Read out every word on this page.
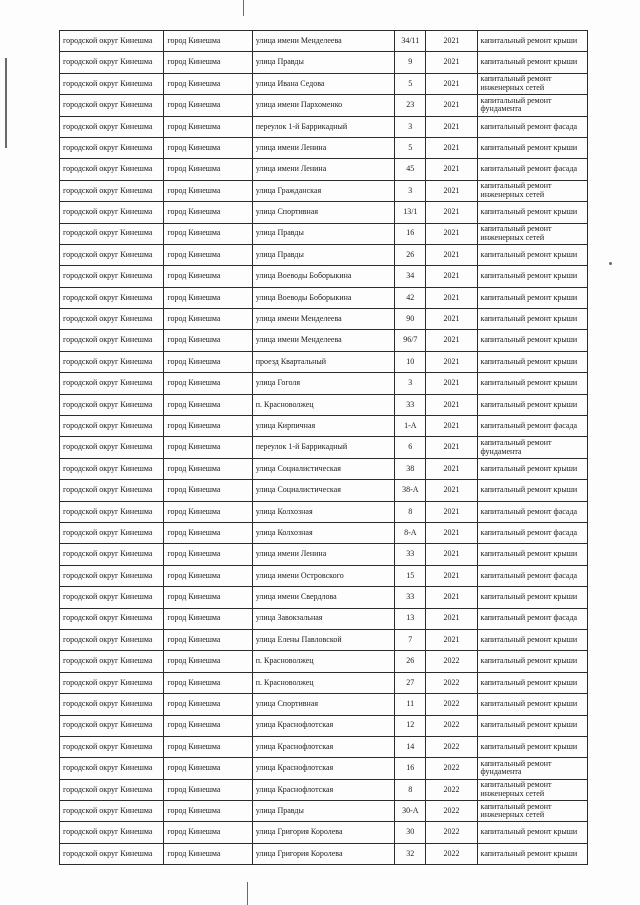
городской округ Кинешма	город Кинешма	улица имени Менделеева	34/11	2021	капитальный ремонт крыши
городской округ Кинешма	город Кинешма	улица Правды	9	2021	капитальный ремонт крыши
городской округ Кинешма	город Кинешма	улица Ивана Седова	5	2021	капитальный ремонт инженерных сетей
городской округ Кинешма	город Кинешма	улица имени Пархоменко	23	2021	капитальный ремонт фундамента
городской округ Кинешма	город Кинешма	переулок 1-й Баррикадный	3	2021	капитальный ремонт фасада
городской округ Кинешма	город Кинешма	улица имени Ленина	5	2021	капитальный ремонт крыши
городской округ Кинешма	город Кинешма	улица имени Ленина	45	2021	капитальный ремонт фасада
городской округ Кинешма	город Кинешма	улица Гражданская	3	2021	капитальный ремонт инженерных сетей
городской округ Кинешма	город Кинешма	улица Спортивная	13/1	2021	капитальный ремонт крыши
городской округ Кинешма	город Кинешма	улица Правды	16	2021	капитальный ремонт инженерных сетей
городской округ Кинешма	город Кинешма	улица Правды	26	2021	капитальный ремонт крыши
городской округ Кинешма	город Кинешма	улица Воеводы Боборыкина	34	2021	капитальный ремонт крыши
городской округ Кинешма	город Кинешма	улица Воеводы Боборыкина	42	2021	капитальный ремонт крыши
городской округ Кинешма	город Кинешма	улица имени Менделеева	90	2021	капитальный ремонт крыши
городской округ Кинешма	город Кинешма	улица имени Менделеева	96/7	2021	капитальный ремонт крыши
городской округ Кинешма	город Кинешма	проезд Квартальный	10	2021	капитальный ремонт крыши
городской округ Кинешма	город Кинешма	улица Гоголя	3	2021	капитальный ремонт крыши
городской округ Кинешма	город Кинешма	п. Красноволжец	33	2021	капитальный ремонт крыши
городской округ Кинешма	город Кинешма	улица Кирпичная	1-А	2021	капитальный ремонт фасада
городской округ Кинешма	город Кинешма	переулок 1-й Баррикадный	6	2021	капитальный ремонт фундамента
городской округ Кинешма	город Кинешма	улица Социалистическая	38	2021	капитальный ремонт крыши
городской округ Кинешма	город Кинешма	улица Социалистическая	38-А	2021	капитальный ремонт крыши
городской округ Кинешма	город Кинешма	улица Колхозная	8	2021	капитальный ремонт фасада
городской округ Кинешма	город Кинешма	улица Колхозная	8-А	2021	капитальный ремонт фасада
городской округ Кинешма	город Кинешма	улица имени Ленина	33	2021	капитальный ремонт крыши
городской округ Кинешма	город Кинешма	улица имени Островского	15	2021	капитальный ремонт фасада
городской округ Кинешма	город Кинешма	улица имени Свердлова	33	2021	капитальный ремонт крыши
городской округ Кинешма	город Кинешма	улица Завокзальная	13	2021	капитальный ремонт фасада
городской округ Кинешма	город Кинешма	улица Елены Павловской	7	2021	капитальный ремонт крыши
городской округ Кинешма	город Кинешма	п. Красноволжец	26	2022	капитальный ремонт крыши
городской округ Кинешма	город Кинешма	п. Красноволжец	27	2022	капитальный ремонт крыши
городской округ Кинешма	город Кинешма	улица Спортивная	11	2022	капитальный ремонт крыши
городской округ Кинешма	город Кинешма	улица Краснофлотская	12	2022	капитальный ремонт крыши
городской округ Кинешма	город Кинешма	улица Краснофлотская	14	2022	капитальный ремонт крыши
городской округ Кинешма	город Кинешма	улица Краснофлотская	16	2022	капитальный ремонт фундамента
городской округ Кинешма	город Кинешма	улица Краснофлотская	8	2022	капитальный ремонт инженерных сетей
городской округ Кинешма	город Кинешма	улица Правды	30-А	2022	капитальный ремонт инженерных сетей
городской округ Кинешма	город Кинешма	улица Григория Королева	30	2022	капитальный ремонт крыши
городской округ Кинешма	город Кинешма	улица Григория Королева	32	2022	капитальный ремонт крыши
